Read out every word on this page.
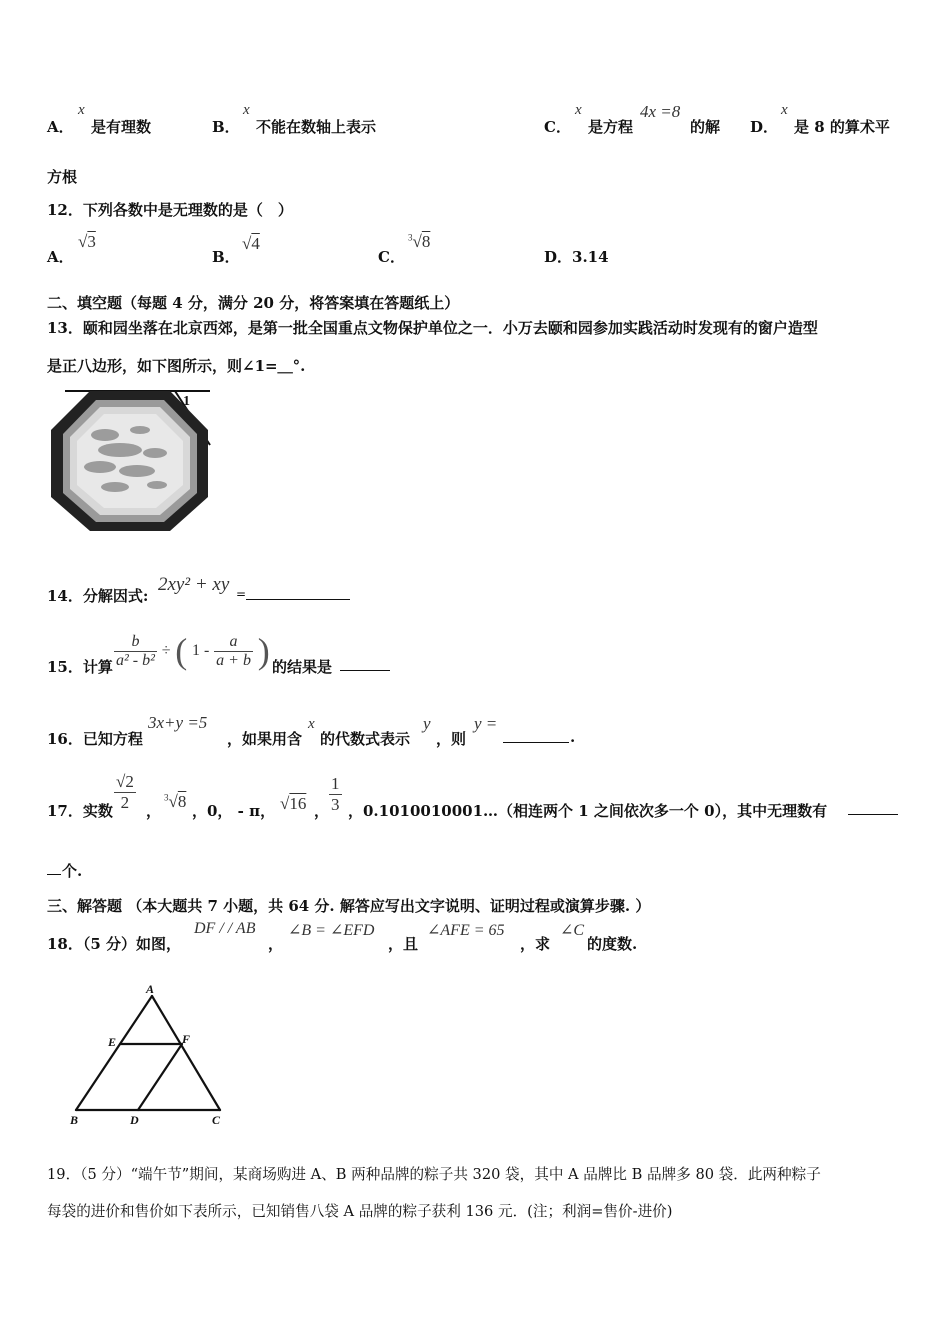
A．
x
是有理数	B．
x
不能在数轴上表示	C．
x
是方程
4x =8
的解 D．
x
是 8 的算术平
方根
12．下列各数中是无理数的是（　）
A．
√3
B．
√4
C．
$^3$√8
D．3.14
二、填空题（每题 4 分，满分 20 分，将答案填在答题纸上）
13．颐和园坐落在北京西郊，是第一批全国重点文物保护单位之一．小万去颐和园参加实践活动时发现有的窗户造型
是正八边形，如下图所示，则∠1=＿°.
1
14．分解因式:
2xy² + xy =
15．计算 $\frac{b}{\text{a² - b²}}$ ÷ ( $1 - \frac{a}{a + b}$ ) 的结果是
16．已知方程
3x+y =5
，如果用含
x
的代数式表示
y
，则
y =
.
17．实数 $\frac{√2}{2}$ ，
$^3$√8 ，0， - π， √16 ， $\frac{1}{3}$ ，0.1010010001…（相连两个 1 之间依次多一个 0），其中无理数有
个.
三、解答题 （本大题共 7 小题，共 64 分. 解答应写出文字说明、证明过程或演算步骤. ）
18．（5 分）如图，
DF / / AB
，
∠B = ∠EFD
，且
∠AFE = 65
，求
∠C
的度数.
A
E	F
B	D	C
19．（5 分）“端午节”期间，某商场购进 A、B 两种品牌的粽子共 320 袋，其中 A 品牌比 B 品牌多 80 袋．此两种粽子
每袋的进价和售价如下表所示，已知销售八袋 A 品牌的粽子获利 136 元．(注；利润=售价-进价)
